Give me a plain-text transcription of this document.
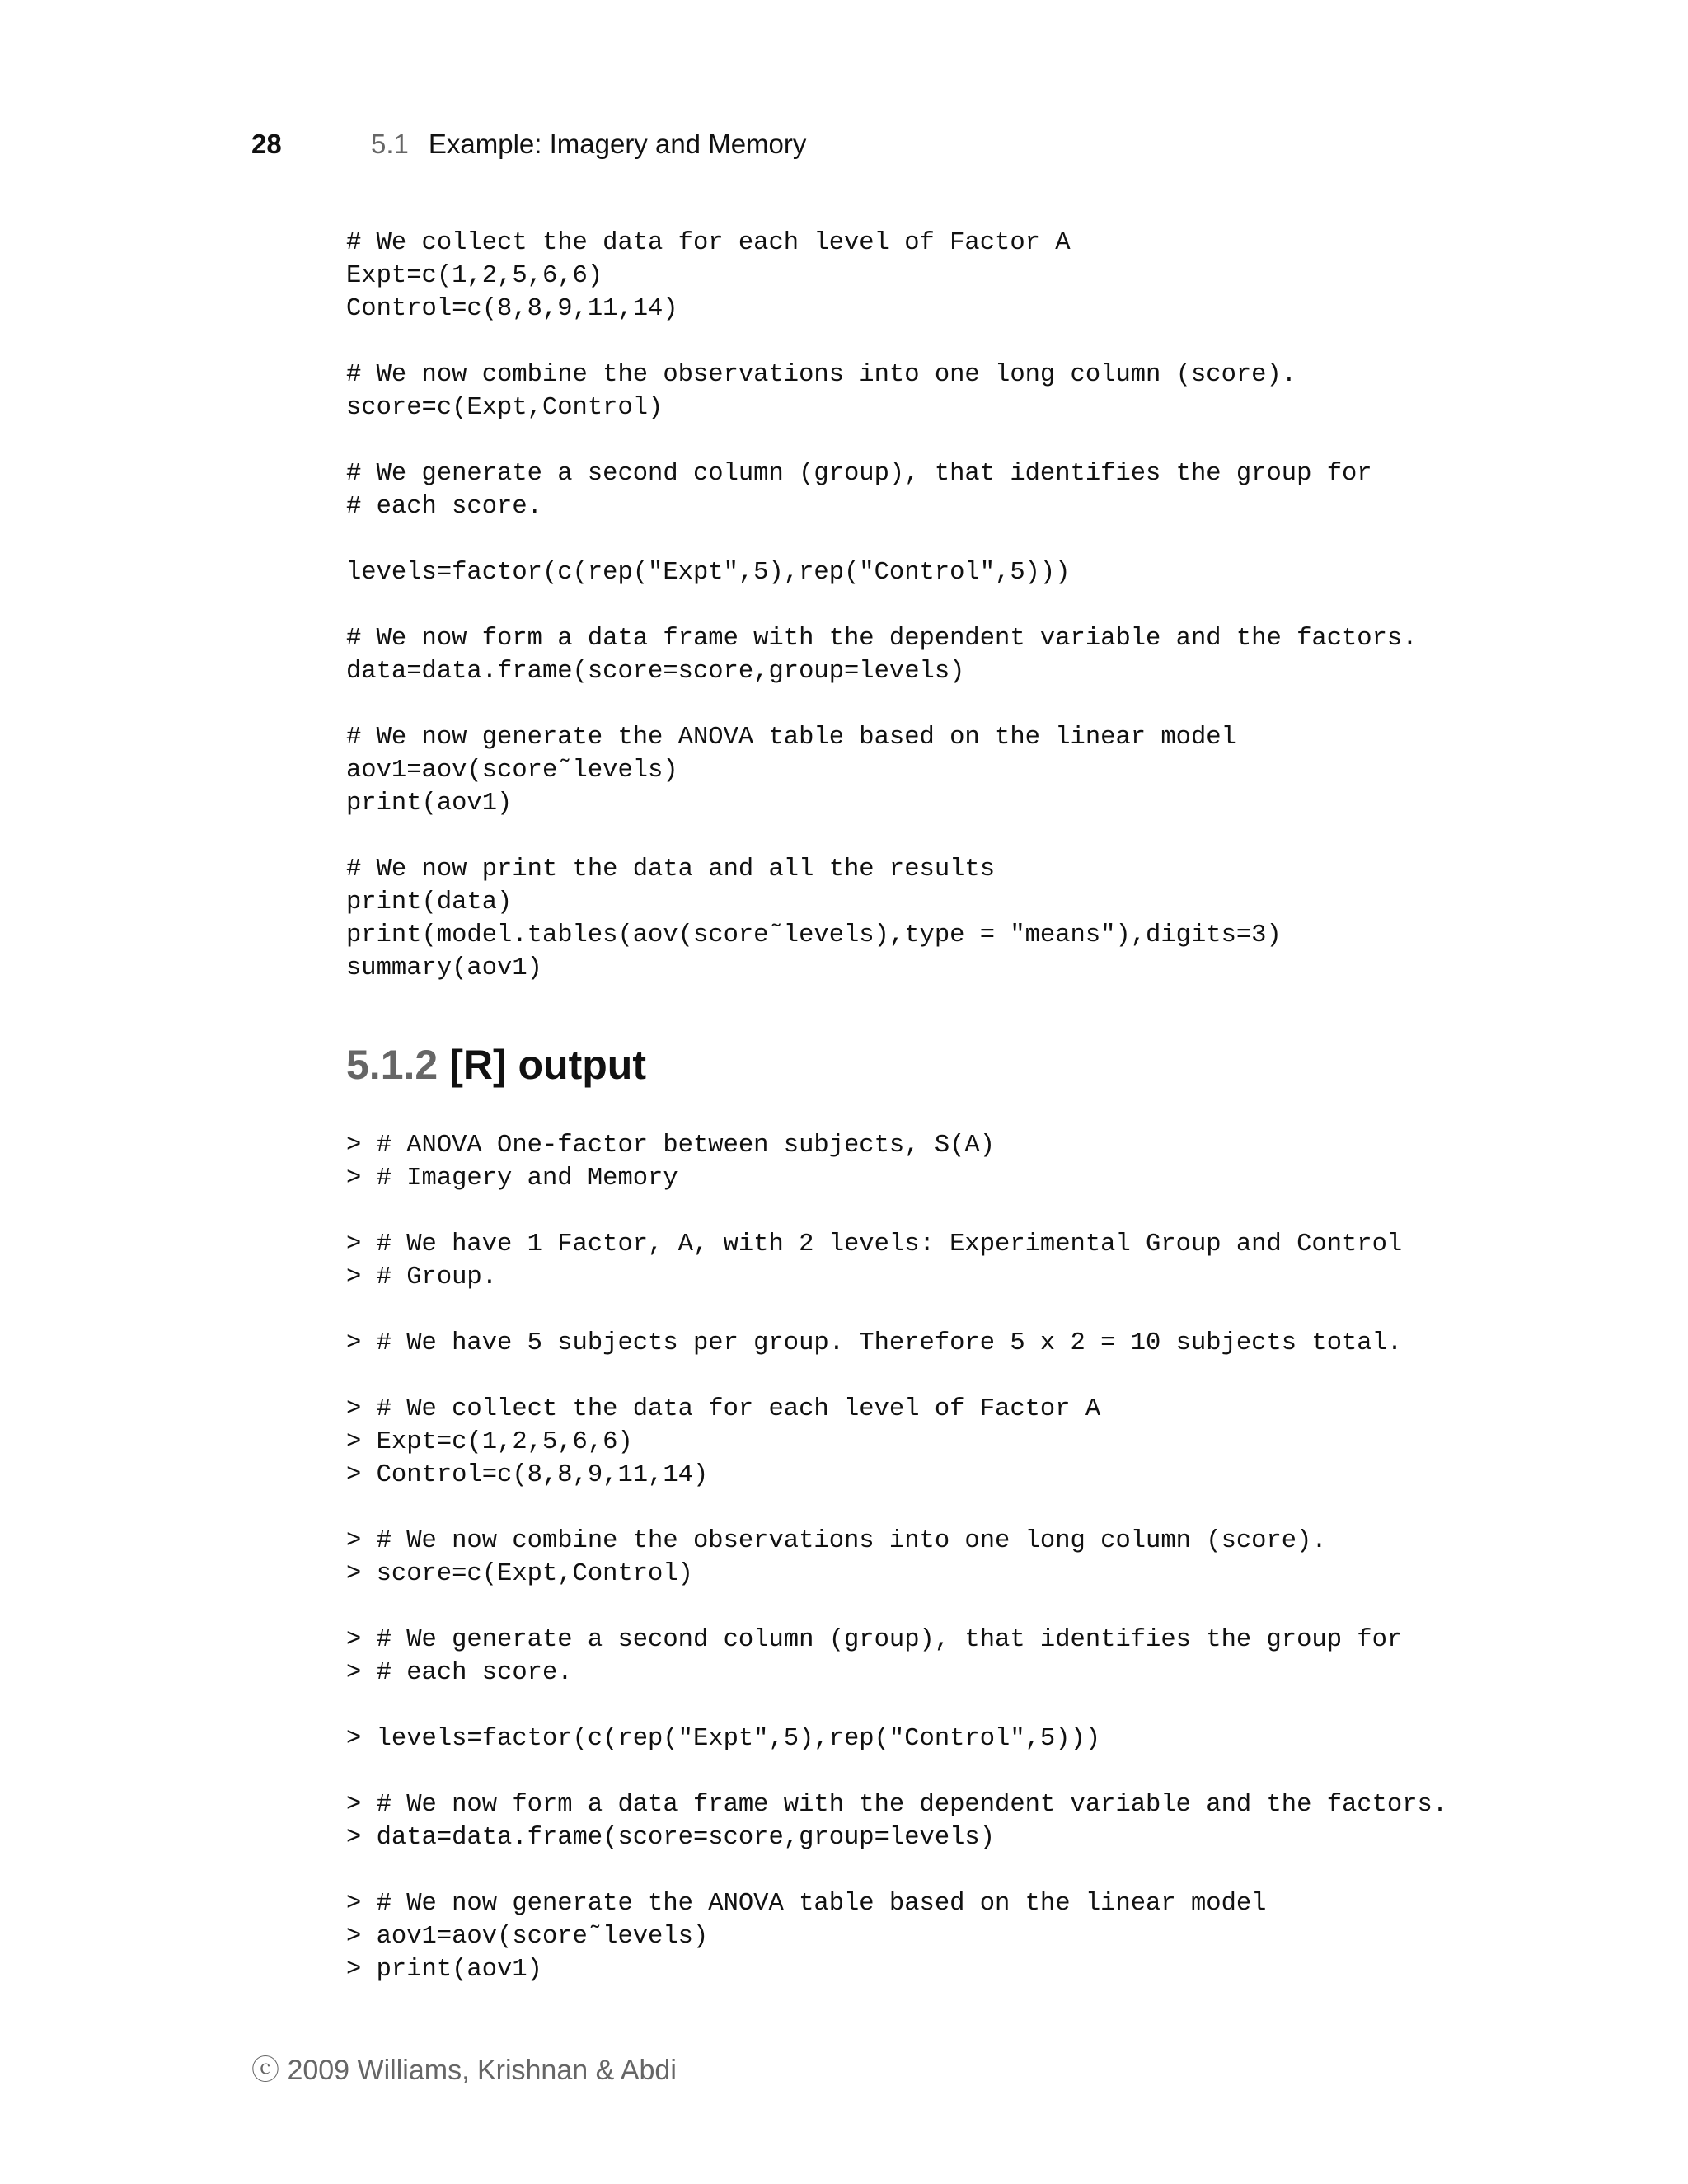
28	5.1 Example: Imagery and Memory
# We collect the data for each level of Factor A
Expt=c(1,2,5,6,6)
Control=c(8,8,9,11,14)
# We now combine the observations into one long column (score).
score=c(Expt,Control)
# We generate a second column (group), that identifies the group for
# each score.
levels=factor(c(rep("Expt",5),rep("Control",5)))
# We now form a data frame with the dependent variable and the factors.
data=data.frame(score=score,group=levels)
# We now generate the ANOVA table based on the linear model
aov1=aov(score˜levels)
print(aov1)
# We now print the data and all the results
print(data)
print(model.tables(aov(score˜levels),type = "means"),digits=3)
summary(aov1)
5.1.2 [R] output
> # ANOVA One-factor between subjects, S(A)
> # Imagery and Memory
> # We have 1 Factor, A, with 2 levels: Experimental Group and Control
> # Group.
> # We have 5 subjects per group. Therefore 5 x 2 = 10 subjects total.
> # We collect the data for each level of Factor A
> Expt=c(1,2,5,6,6)
> Control=c(8,8,9,11,14)
> # We now combine the observations into one long column (score).
> score=c(Expt,Control)
> # We generate a second column (group), that identifies the group for
> # each score.
> levels=factor(c(rep("Expt",5),rep("Control",5)))
> # We now form a data frame with the dependent variable and the factors.
> data=data.frame(score=score,group=levels)
> # We now generate the ANOVA table based on the linear model
> aov1=aov(score˜levels)
> print(aov1)
ⓒ 2009 Williams, Krishnan & Abdi
